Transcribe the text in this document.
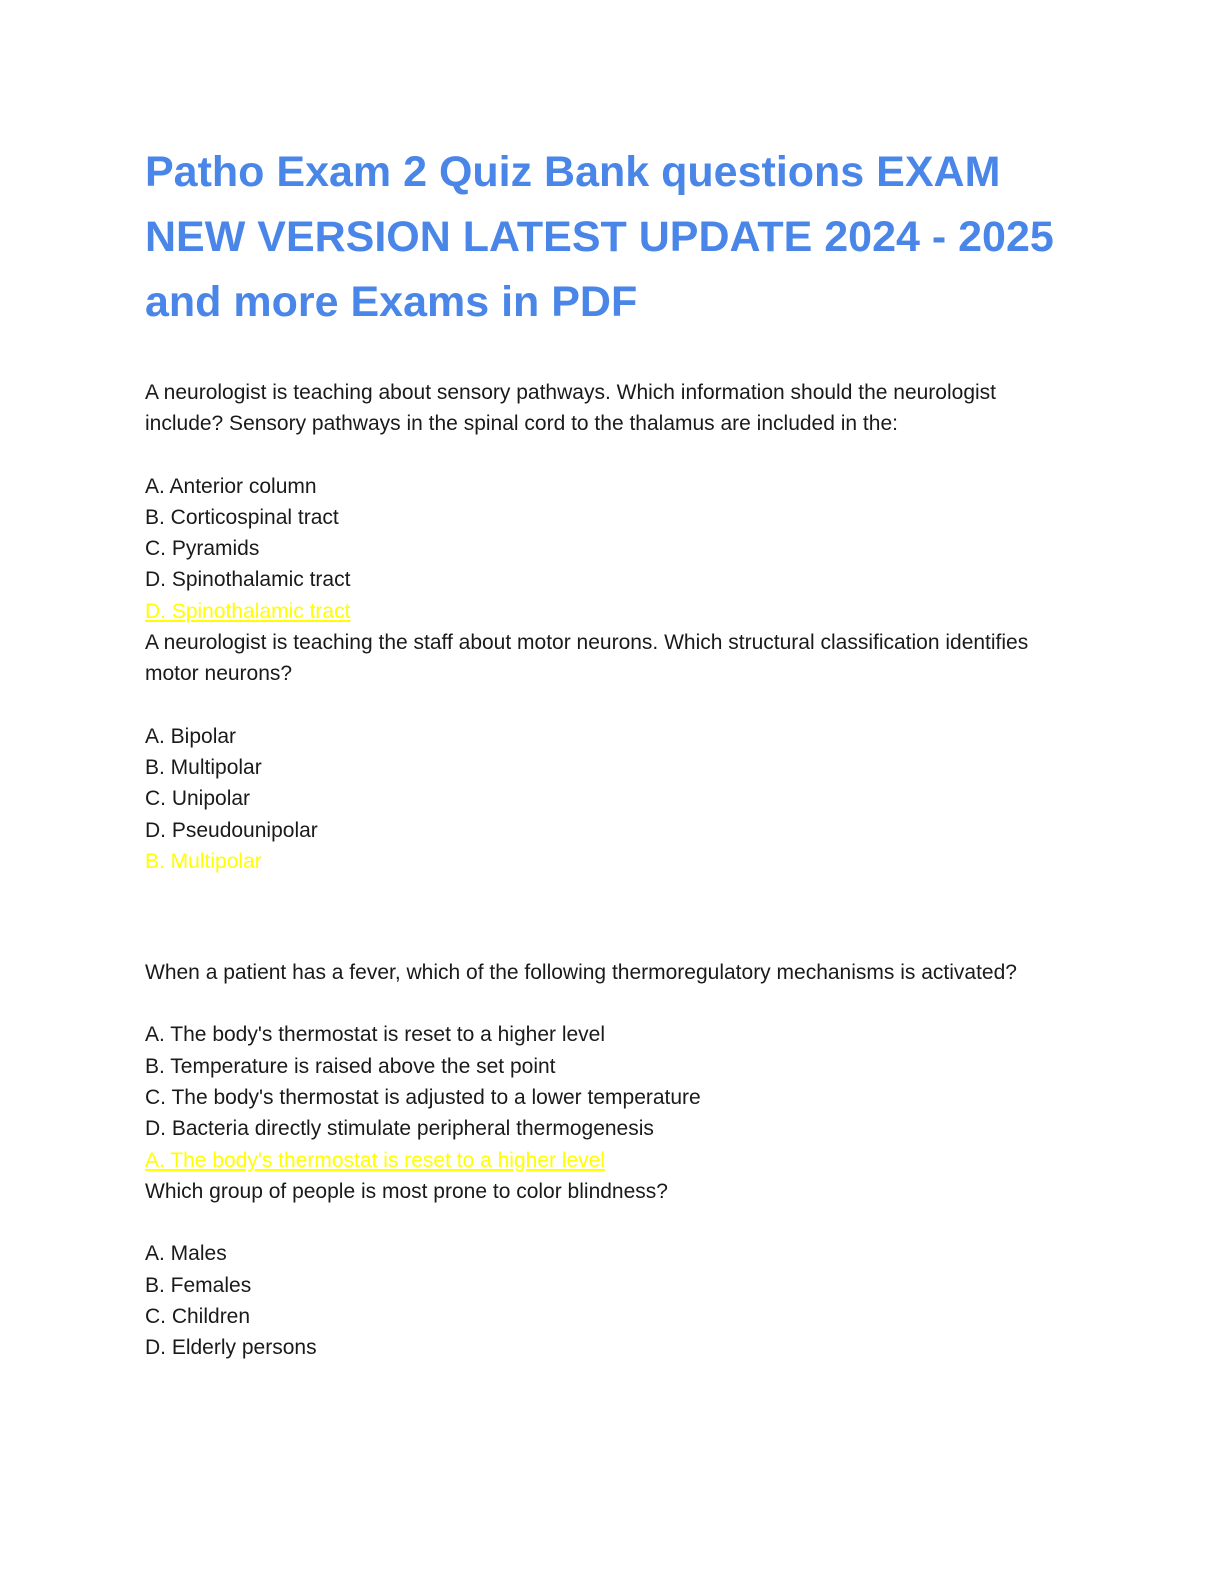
Patho Exam 2 Quiz Bank questions EXAM NEW VERSION LATEST UPDATE 2024 - 2025 and more Exams in PDF

A neurologist is teaching about sensory pathways. Which information should the neurologist include? Sensory pathways in the spinal cord to the thalamus are included in the:

A. Anterior column
B. Corticospinal tract
C. Pyramids
D. Spinothalamic tract

D. Spinothalamic tract

A neurologist is teaching the staff about motor neurons. Which structural classification identifies motor neurons?

A. Bipolar
B. Multipolar
C. Unipolar
D. Pseudounipolar

B. Multipolar

When a patient has a fever, which of the following thermoregulatory mechanisms is activated?

A. The body's thermostat is reset to a higher level
B. Temperature is raised above the set point
C. The body's thermostat is adjusted to a lower temperature
D. Bacteria directly stimulate peripheral thermogenesis

A. The body's thermostat is reset to a higher level

Which group of people is most prone to color blindness?

A. Males
B. Females
C. Children
D. Elderly persons
